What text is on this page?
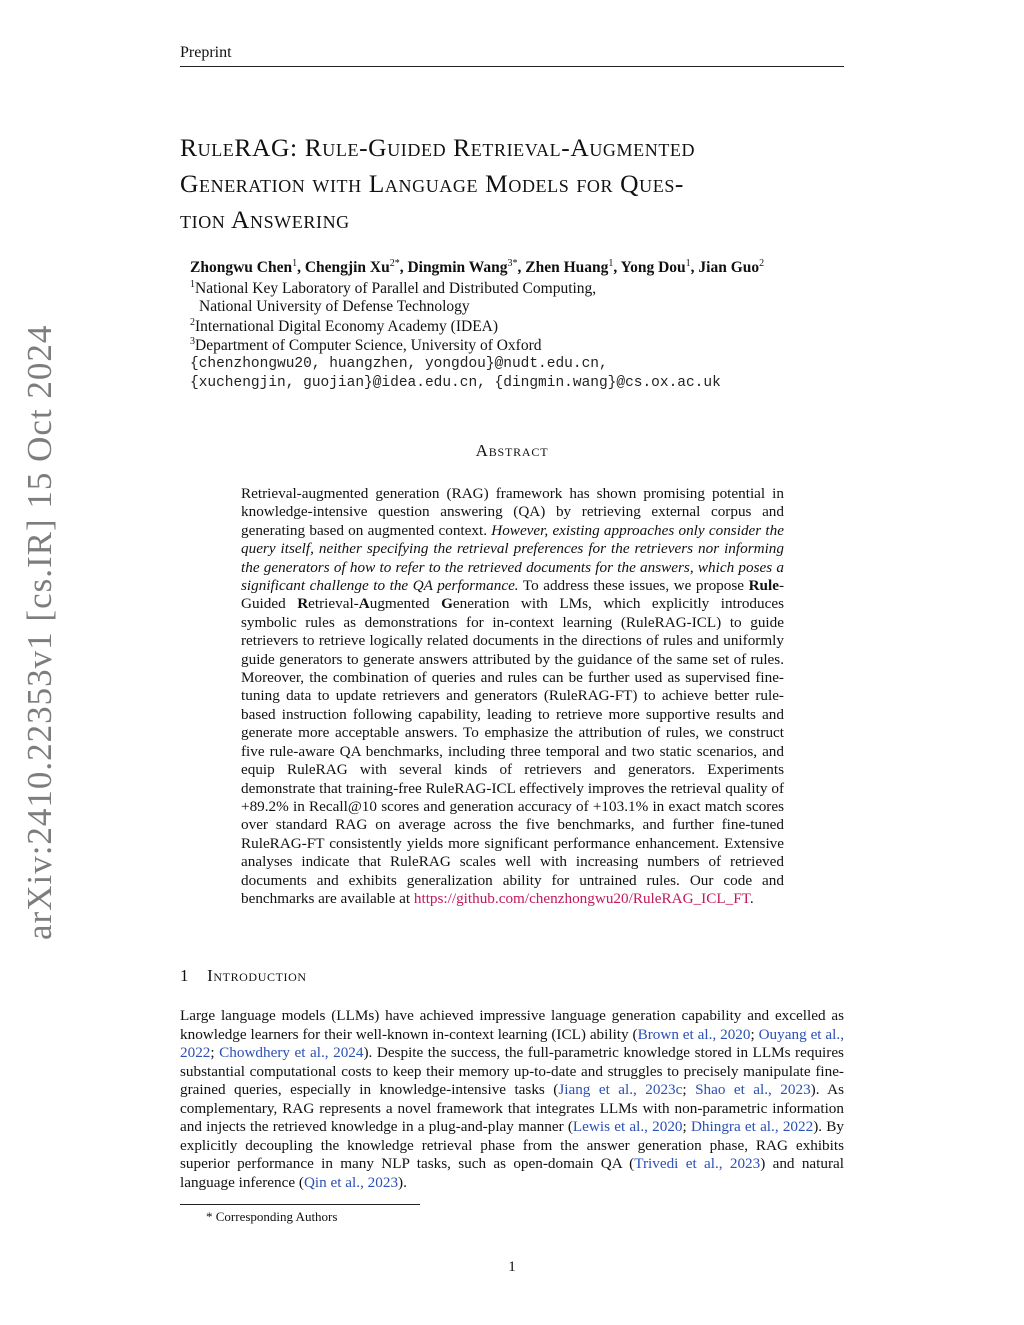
Preprint
arXiv:2410.22353v1 [cs.IR] 15 Oct 2024
RuleRAG: Rule-Guided Retrieval-Augmented
Generation with Language Models for Ques-
tion Answering
Zhongwu Chen$^1$, Chengjin $Xu^{2*}$, Dingmin Wang$^{3*}$, Zhen Huang$^1$, Yong Dou$^1$, Jian Guo$^2$
$^1$National Key Laboratory of Parallel and Distributed Computing,
National University of Defense Technology
$^2$International Digital Economy Academy (IDEA)
$^3$Department of Computer Science, University of Oxford
{chenzhongwu20, huangzhen, yongdou}@nudt.edu.cn,
{xuchengjin, guojian}@idea.edu.cn, {dingmin.wang}@cs.ox.ac.uk
Abstract

Retrieval-augmented generation (RAG) framework has shown promising potential in knowledge-intensive question answering (QA) by retrieving external corpus and generating based on augmented context. However, existing approaches only consider the query itself, neither specifying the retrieval preferences for the retrievers nor informing the generators of how to refer to the retrieved documents for the answers, which poses a significant challenge to the QA performance. To address these issues, we propose Rule-Guided Retrieval-Augmented Generation with LMs, which explicitly introduces symbolic rules as demonstrations for in-context learning (RuleRAG-ICL) to guide retrievers to retrieve logically related documents in the directions of rules and uniformly guide generators to generate answers attributed by the guidance of the same set of rules. Moreover, the combination of queries and rules can be further used as supervised fine-tuning data to update retrievers and generators (RuleRAG-FT) to achieve better rule-based instruction following capability, leading to retrieve more supportive results and generate more acceptable answers. To emphasize the attribution of rules, we construct five rule-aware QA benchmarks, including three temporal and two static scenarios, and equip RuleRAG with several kinds of retrievers and generators. Experiments demonstrate that training-free RuleRAG-ICL effectively improves the retrieval quality of +89.2% in Recall@10 scores and generation accuracy of +103.1% in exact match scores over standard RAG on average across the five benchmarks, and further fine-tuned RuleRAG-FT consistently yields more significant performance enhancement. Extensive analyses indicate that RuleRAG scales well with increasing numbers of retrieved documents and exhibits generalization ability for untrained rules. Our code and benchmarks are available at https://github.com/chenzhongwu20/RuleRAG_ICL_FT.

1 Introduction

Large language models (LLMs) have achieved impressive language generation capability and excelled as knowledge learners for their well-known in-context learning (ICL) ability (Brown et al., 2020; Ouyang et al., 2022; Chowdhery et al., 2024). Despite the success, the full-parametric knowledge stored in LLMs requires substantial computational costs to keep their memory up-to-date and struggles to precisely manipulate fine-grained queries, especially in knowledge-intensive tasks (Jiang et al., 2023c; Shao et al., 2023). As complementary, RAG represents a novel framework that integrates LLMs with non-parametric information and injects the retrieved knowledge in a plug-and-play manner (Lewis et al., 2020; Dhingra et al., 2022). By explicitly decoupling the knowledge retrieval phase from the answer generation phase, RAG exhibits superior performance in many NLP tasks, such as open-domain QA (Trivedi et al., 2023) and natural language inference (Qin et al., 2023).

* Corresponding Authors
1
